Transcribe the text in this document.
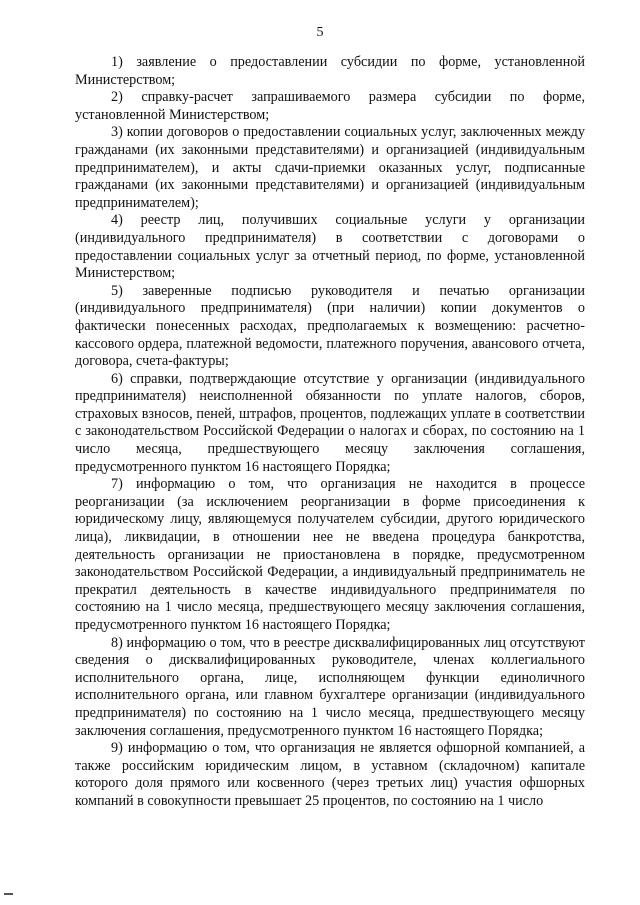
5

1) заявление о предоставлении субсидии по форме, установленной Министерством;

2) справку-расчет запрашиваемого размера субсидии по форме, установленной Министерством;

3) копии договоров о предоставлении социальных услуг, заключенных между гражданами (их законными представителями) и организацией (индивидуальным предпринимателем), и акты сдачи-приемки оказанных услуг, подписанные гражданами (их законными представителями) и организацией (индивидуальным предпринимателем);

4) реестр лиц, получивших социальные услуги у организации (индивидуального предпринимателя) в соответствии с договорами о предоставлении социальных услуг за отчетный период, по форме, установленной Министерством;

5) заверенные подписью руководителя и печатью организации (индивидуального предпринимателя) (при наличии) копии документов о фактически понесенных расходах, предполагаемых к возмещению: расчетно-кассового ордера, платежной ведомости, платежного поручения, авансового отчета, договора, счета-фактуры;

6) справки, подтверждающие отсутствие у организации (индивидуального предпринимателя) неисполненной обязанности по уплате налогов, сборов, страховых взносов, пеней, штрафов, процентов, подлежащих уплате в соответствии с законодательством Российской Федерации о налогах и сборах, по состоянию на 1 число месяца, предшествующего месяцу заключения соглашения, предусмотренного пунктом 16 настоящего Порядка;

7) информацию о том, что организация не находится в процессе реорганизации (за исключением реорганизации в форме присоединения к юридическому лицу, являющемуся получателем субсидии, другого юридического лица), ликвидации, в отношении нее не введена процедура банкротства, деятельность организации не приостановлена в порядке, предусмотренном законодательством Российской Федерации, а индивидуальный предприниматель не прекратил деятельность в качестве индивидуального предпринимателя по состоянию на 1 число месяца, предшествующего месяцу заключения соглашения, предусмотренного пунктом 16 настоящего Порядка;

8) информацию о том, что в реестре дисквалифицированных лиц отсутствуют сведения о дисквалифицированных руководителе, членах коллегиального исполнительного органа, лице, исполняющем функции единоличного исполнительного органа, или главном бухгалтере организации (индивидуального предпринимателя) по состоянию на 1 число месяца, предшествующего месяцу заключения соглашения, предусмотренного пунктом 16 настоящего Порядка;

9) информацию о том, что организация не является офшорной компанией, а также российским юридическим лицом, в уставном (складочном) капитале которого доля прямого или косвенного (через третьих лиц) участия офшорных компаний в совокупности превышает 25 процентов, по состоянию на 1 число
